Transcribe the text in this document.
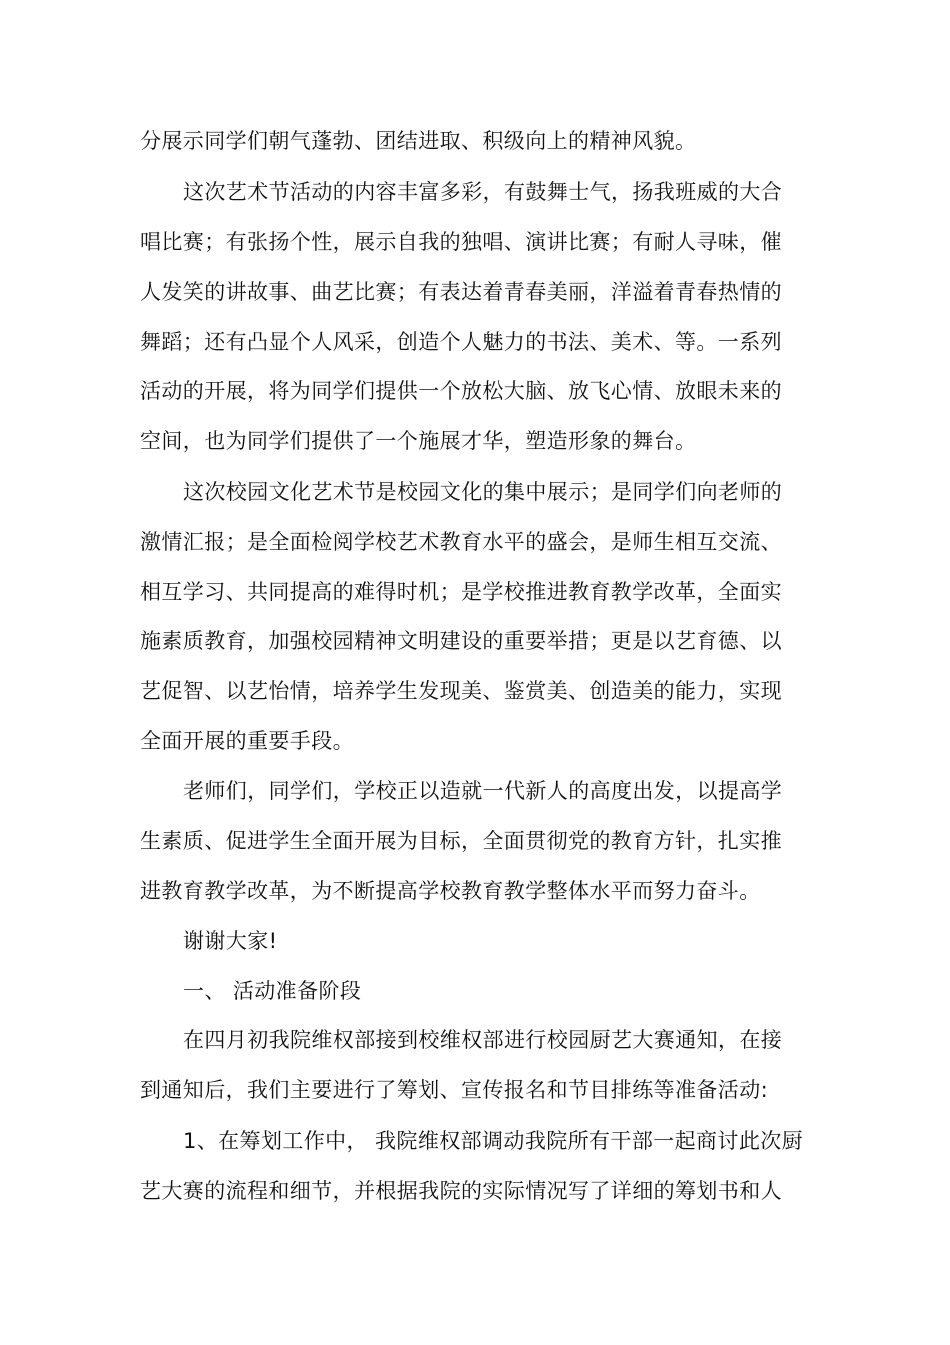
分展示同学们朝气蓬勃、团结进取、积级向上的精神风貌。
这次艺术节活动的内容丰富多彩，有鼓舞士气，扬我班威的大合
唱比赛；有张扬个性，展示自我的独唱、演讲比赛；有耐人寻味，催
人发笑的讲故事、曲艺比赛；有表达着青春美丽，洋溢着青春热情的
舞蹈；还有凸显个人风采，创造个人魅力的书法、美术、等。一系列
活动的开展，将为同学们提供一个放松大脑、放飞心情、放眼未来的
空间，也为同学们提供了一个施展才华，塑造形象的舞台。
这次校园文化艺术节是校园文化的集中展示；是同学们向老师的
激情汇报；是全面检阅学校艺术教育水平的盛会，是师生相互交流、
相互学习、共同提高的难得时机；是学校推进教育教学改革，全面实
施素质教育，加强校园精神文明建设的重要举措；更是以艺育德、以
艺促智、以艺怡情，培养学生发现美、鉴赏美、创造美的能力，实现
全面开展的重要手段。
老师们，同学们，学校正以造就一代新人的高度出发，以提高学
生素质、促进学生全面开展为目标，全面贯彻党的教育方针，扎实推
进教育教学改革，为不断提高学校教育教学整体水平而努力奋斗。
谢谢大家!
一、 活动准备阶段
在四月初我院维权部接到校维权部进行校园厨艺大赛通知，在接
到通知后，我们主要进行了筹划、宣传报名和节目排练等准备活动:
1、在筹划工作中， 我院维权部调动我院所有干部一起商讨此次厨
艺大赛的流程和细节，并根据我院的实际情况写了详细的筹划书和人
